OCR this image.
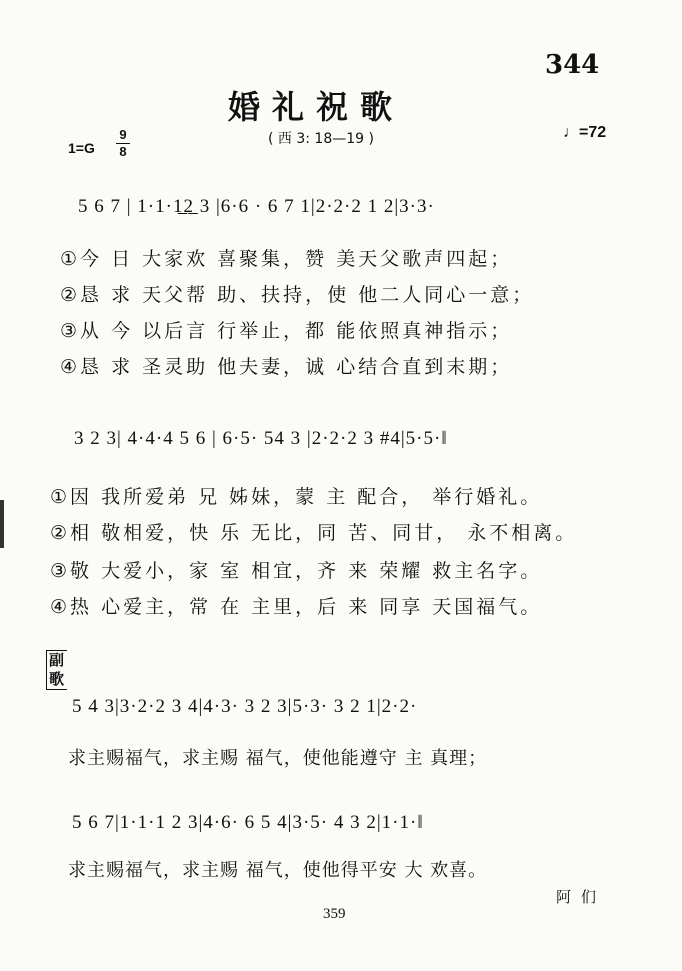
344
婚礼祝歌
( 西 3: 18—19 )
1=G
9
8
♩=72
5 6 7 | 1·1·1̲2̲ 3 |6·6 · 6 7 1|2·2·2 1 2|3·3·
①今 日 大家欢 喜聚集，赞 美天父歌声四起；
②恳 求 天父帮 助、扶持，使 他二人同心一意；
③从 今 以后言 行举止，都 能依照真神指示；
④恳 求 圣灵助 他夫妻，诚 心结合直到末期；
3 2 3| 4·4·4 5 6 | 6·5· 54 3 |2·2·2 3 #4|5·5·‖
①因 我所爱弟 兄 姊妹，蒙 主 配合， 举行婚礼。
②相 敬相爱，快 乐 无比，同 苦、同甘， 永不相离。
③敬 大爱小，家 室 相宜，齐 来 荣耀 救主名字。
④热 心爱主，常 在 主里，后 来 同享 天国福气。
副歌
5 4 3|3·2·2 3 4|4·3· 3 2 3|5·3· 3 2 1|2·2·
求主赐福气，求主赐 福气，使他能遵守 主 真理；
5 6 7|1·1·1 2 3|4·6· 6 5 4|3·5· 4 3 2|1·1·‖
求主赐福气，求主赐 福气，使他得平安 大 欢喜。
阿们
359
